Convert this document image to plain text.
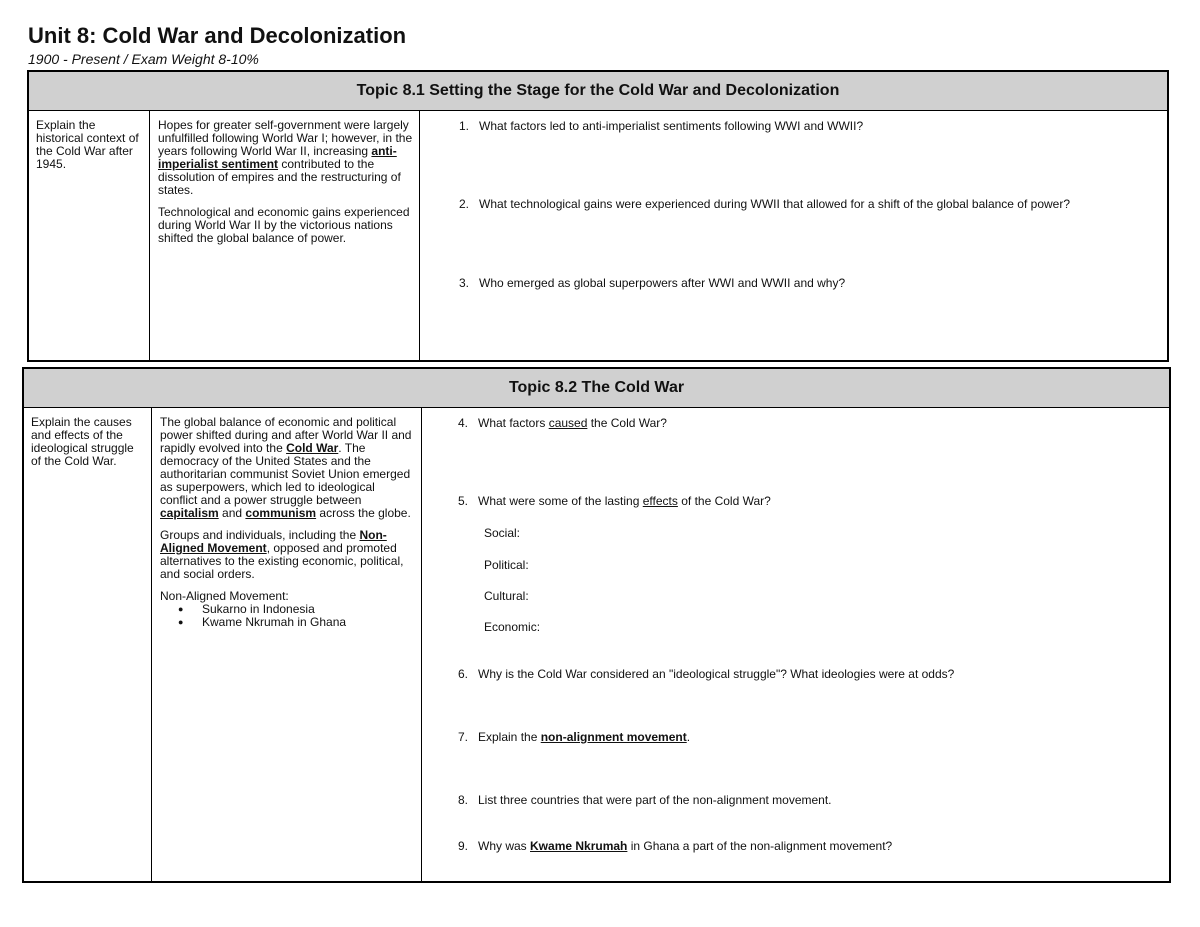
Unit 8: Cold War and Decolonization
1900 - Present / Exam Weight 8-10%
Topic 8.1 Setting the Stage for the Cold War and Decolonization
Explain the historical context of the Cold War after 1945.

Hopes for greater self-government were largely unfulfilled following World War I; however, in the years following World War II, increasing anti-imperialist sentiment contributed to the dissolution of empires and the restructuring of states.

Technological and economic gains experienced during World War II by the victorious nations shifted the global balance of power.

1. What factors led to anti-imperialist sentiments following WWI and WWII?
2. What technological gains were experienced during WWII that allowed for a shift of the global balance of power?
3. Who emerged as global superpowers after WWI and WWII and why?
Topic 8.2 The Cold War
Explain the causes and effects of the ideological struggle of the Cold War.

The global balance of economic and political power shifted during and after World War II and rapidly evolved into the Cold War. The democracy of the United States and the authoritarian communist Soviet Union emerged as superpowers, which led to ideological conflict and a power struggle between capitalism and communism across the globe.

Groups and individuals, including the Non-Aligned Movement, opposed and promoted alternatives to the existing economic, political, and social orders.

Non-Aligned Movement:

● Sukarno in Indonesia
● Kwame Nkrumah in Ghana
4. What factors caused the Cold War?
5. What were some of the lasting effects of the Cold War?
Social:
Political:
Cultural:
Economic:
6. Why is the Cold War considered an "ideological struggle"? What ideologies were at odds?
7. Explain the non-alignment movement.
8. List three countries that were part of the non-alignment movement.
9. Why was Kwame Nkrumah in Ghana a part of the non-alignment movement?
